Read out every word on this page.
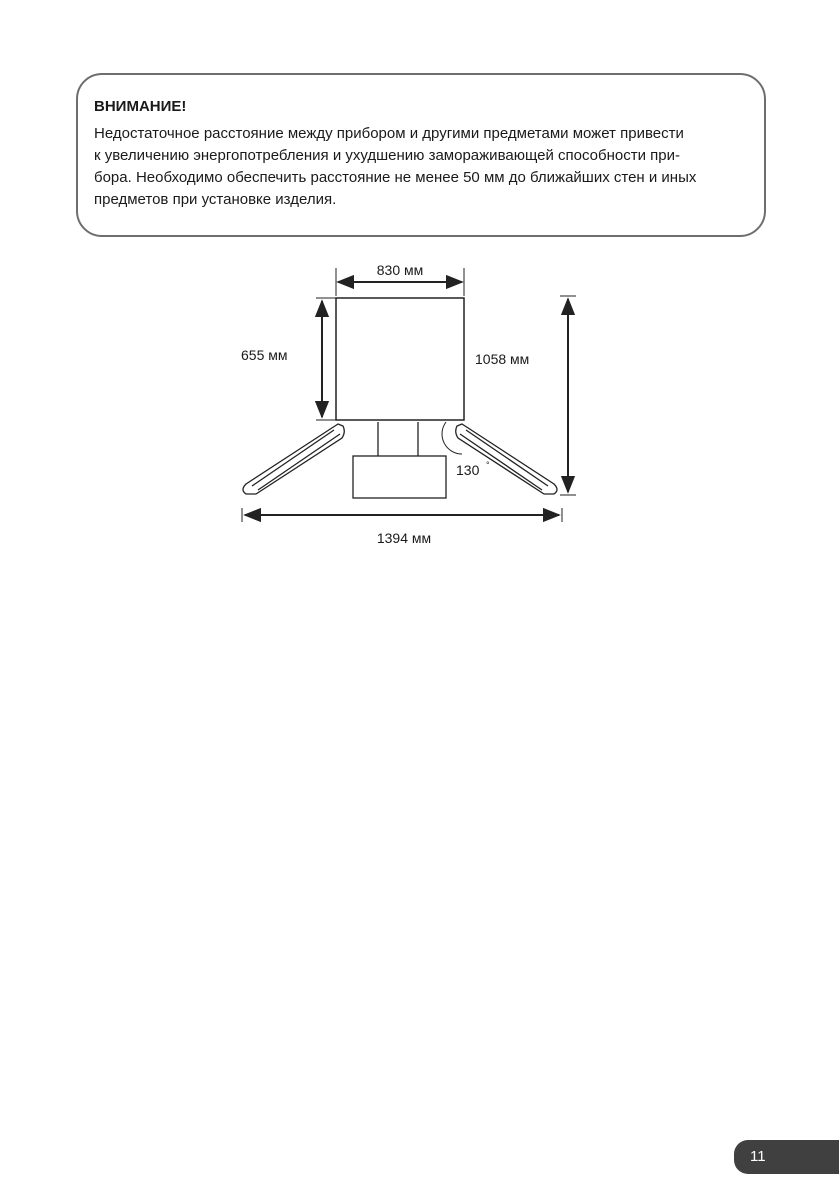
ВНИМАНИЕ!

Недостаточное расстояние между прибором и другими предметами может привести
к увеличению энергопотребления и ухудшению замораживающей способности при-
бора. Необходимо обеспечить расстояние не менее 50 мм до ближайших стен и иных
предметов при установке изделия.

830 мм
655 мм	1058 мм
130 °
1394 мм
11
